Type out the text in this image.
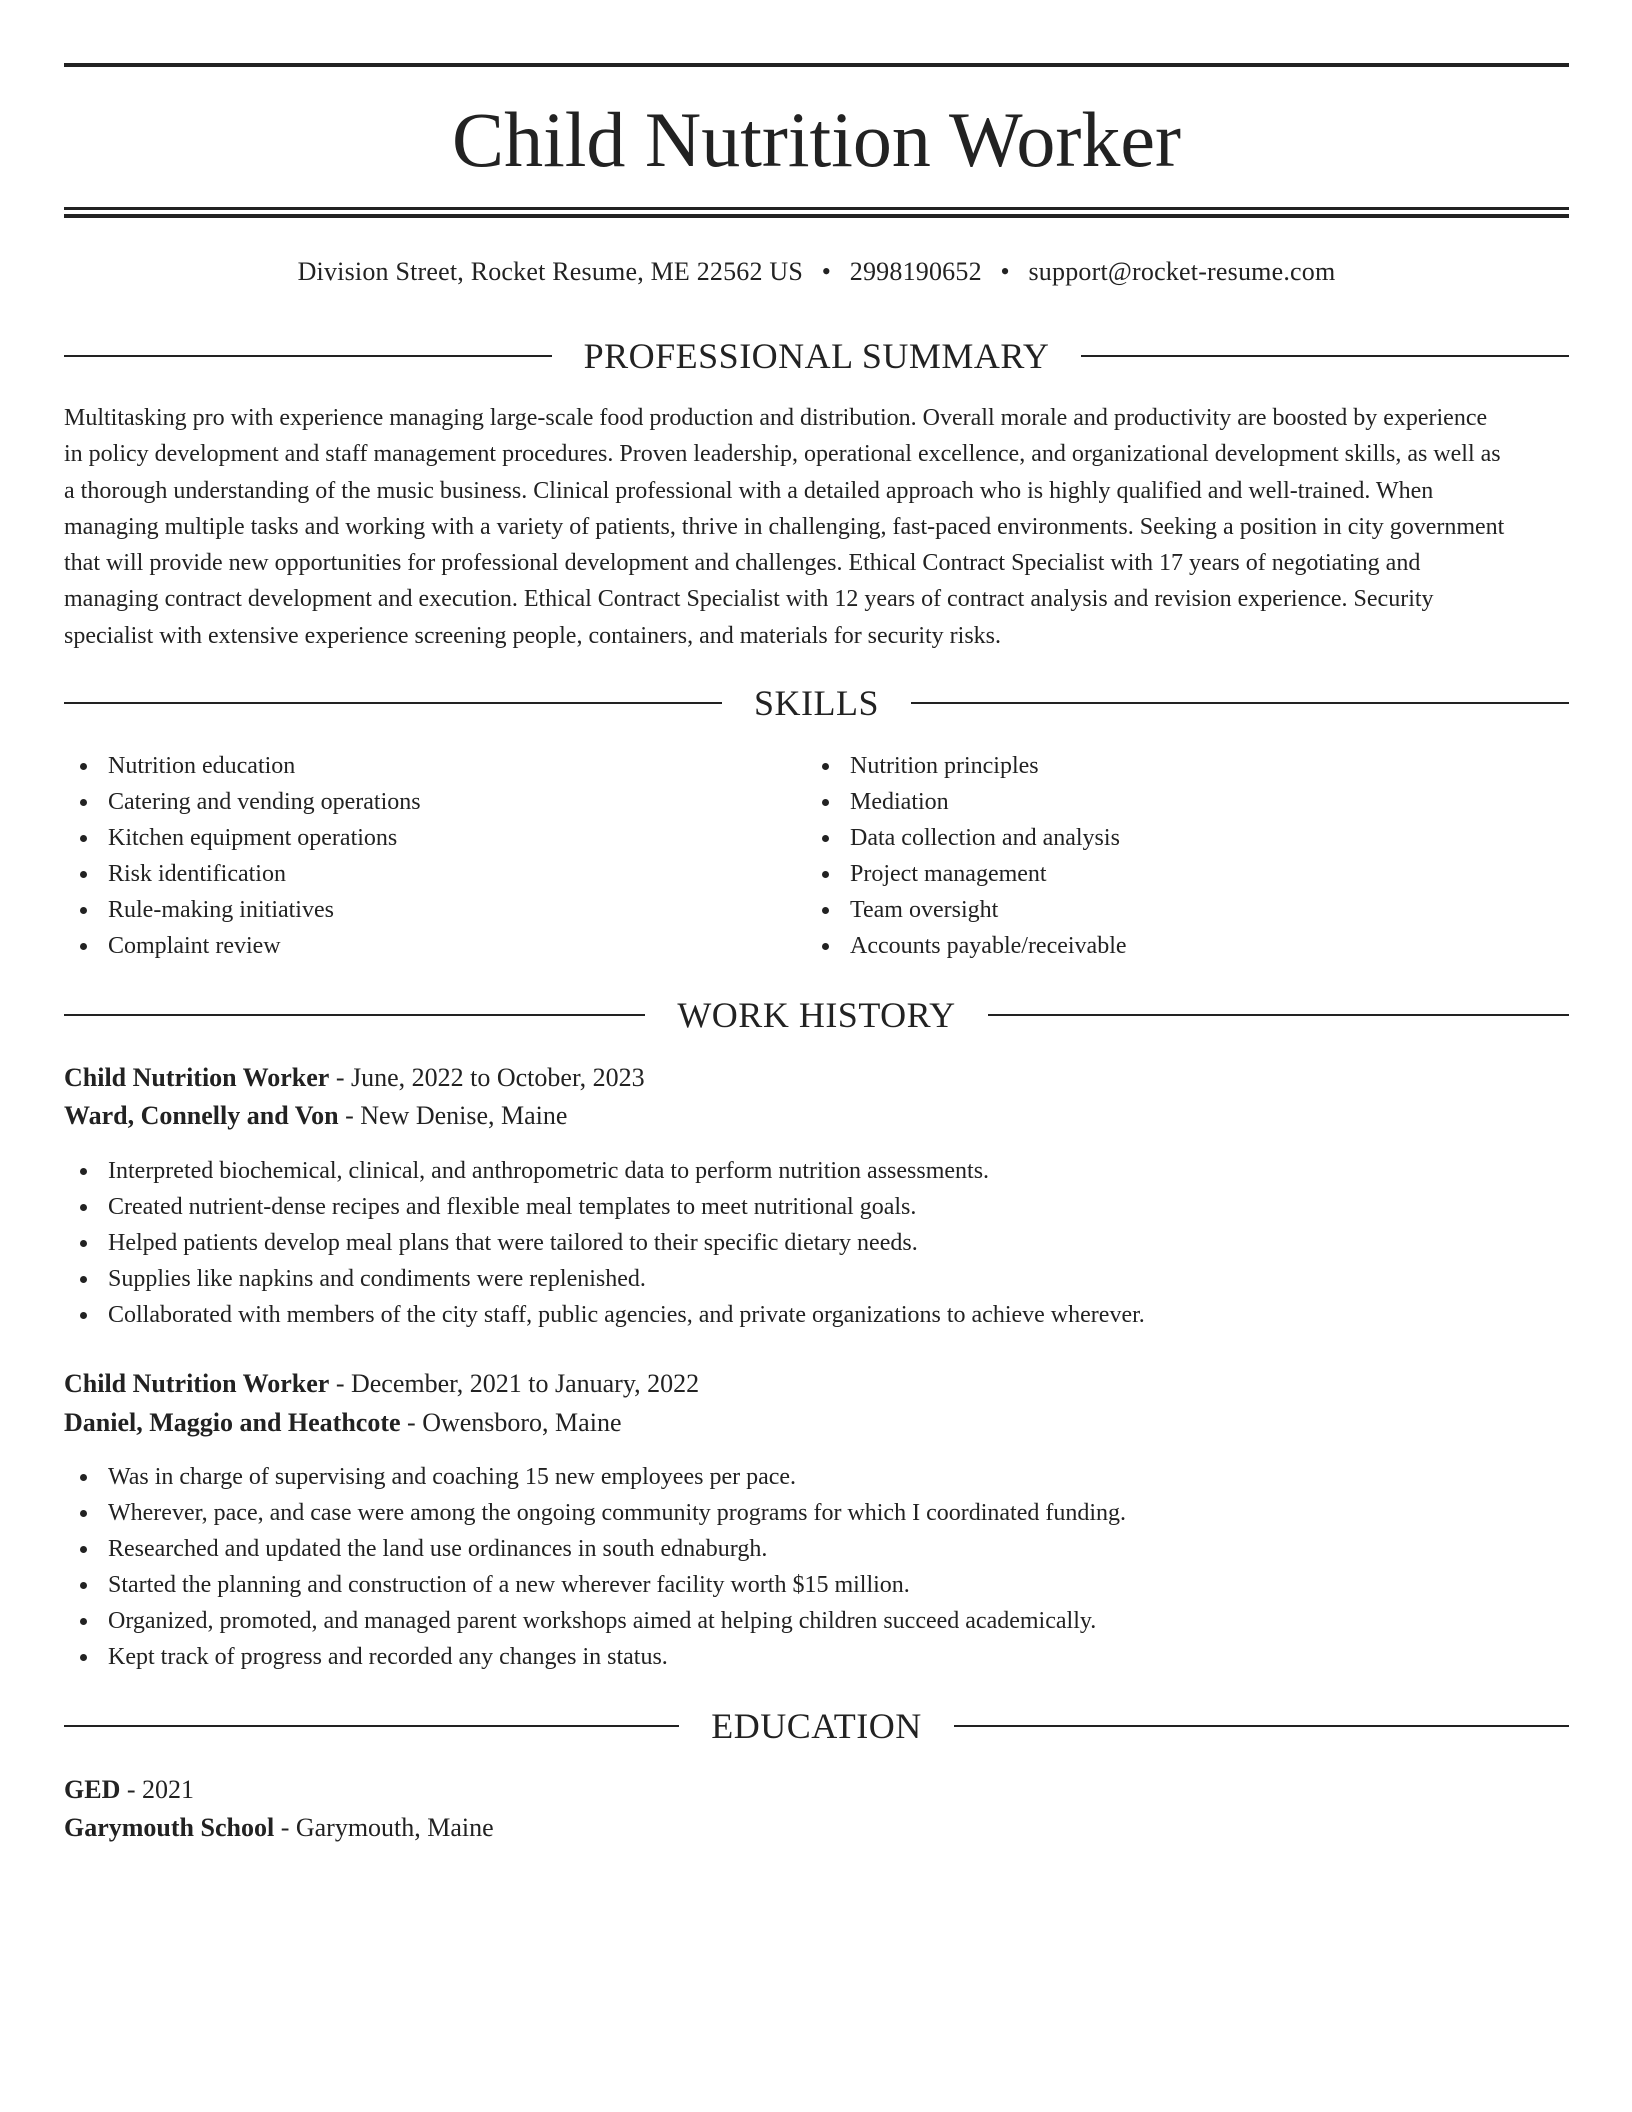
Child Nutrition Worker
Division Street, Rocket Resume, ME 22562 US • 2998190652 • support@rocket-resume.com
PROFESSIONAL SUMMARY
Multitasking pro with experience managing large-scale food production and distribution. Overall morale and productivity are boosted by experience
in policy development and staff management procedures. Proven leadership, operational excellence, and organizational development skills, as well as
a thorough understanding of the music business. Clinical professional with a detailed approach who is highly qualified and well-trained. When
managing multiple tasks and working with a variety of patients, thrive in challenging, fast-paced environments. Seeking a position in city government
that will provide new opportunities for professional development and challenges. Ethical Contract Specialist with 17 years of negotiating and
managing contract development and execution. Ethical Contract Specialist with 12 years of contract analysis and revision experience. Security
specialist with extensive experience screening people, containers, and materials for security risks.
SKILLS
Nutrition education
Catering and vending operations
Kitchen equipment operations
Risk identification
Rule-making initiatives
Complaint review
Nutrition principles
Mediation
Data collection and analysis
Project management
Team oversight
Accounts payable/receivable
WORK HISTORY
Child Nutrition Worker - June, 2022 to October, 2023
Ward, Connelly and Von - New Denise, Maine
Interpreted biochemical, clinical, and anthropometric data to perform nutrition assessments.
Created nutrient-dense recipes and flexible meal templates to meet nutritional goals.
Helped patients develop meal plans that were tailored to their specific dietary needs.
Supplies like napkins and condiments were replenished.
Collaborated with members of the city staff, public agencies, and private organizations to achieve wherever.
Child Nutrition Worker - December, 2021 to January, 2022
Daniel, Maggio and Heathcote - Owensboro, Maine
Was in charge of supervising and coaching 15 new employees per pace.
Wherever, pace, and case were among the ongoing community programs for which I coordinated funding.
Researched and updated the land use ordinances in south ednaburgh.
Started the planning and construction of a new wherever facility worth $15 million.
Organized, promoted, and managed parent workshops aimed at helping children succeed academically.
Kept track of progress and recorded any changes in status.
EDUCATION
GED - 2021
Garymouth School - Garymouth, Maine
